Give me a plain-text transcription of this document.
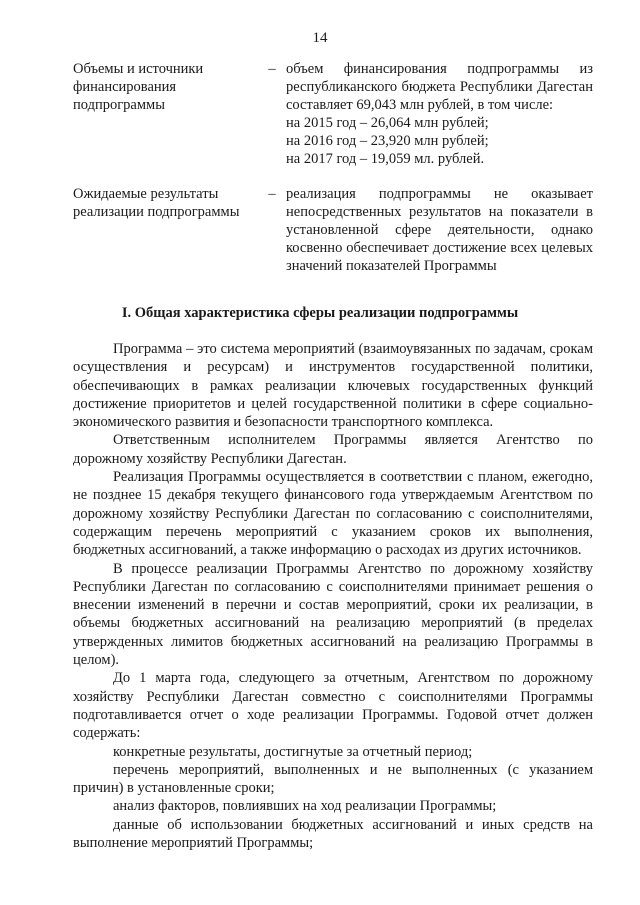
14
Объемы и источники финансирования подпрограммы
– объем финансирования подпрограммы из республиканского бюджета Республики Дагестан составляет 69,043 млн рублей, в том числе:
на 2015 год – 26,064 млн рублей;
на 2016 год – 23,920 млн рублей;
на 2017 год – 19,059 мл. рублей.
Ожидаемые результаты реализации подпрограммы
– реализация подпрограммы не оказывает непосредственных результатов на показатели в установленной сфере деятельности, однако косвенно обеспечивает достижение всех целевых значений показателей Программы
I. Общая характеристика сферы реализации подпрограммы

Программа – это система мероприятий (взаимоувязанных по задачам, срокам осуществления и ресурсам) и инструментов государственной политики, обеспечивающих в рамках реализации ключевых государственных функций достижение приоритетов и целей государственной политики в сфере социально-экономического развития и безопасности транспортного комплекса.

Ответственным исполнителем Программы является Агентство по дорожному хозяйству Республики Дагестан.

Реализация Программы осуществляется в соответствии с планом, ежегодно, не позднее 15 декабря текущего финансового года утверждаемым Агентством по дорожному хозяйству Республики Дагестан по согласованию с соисполнителями, содержащим перечень мероприятий с указанием сроков их выполнения, бюджетных ассигнований, а также информацию о расходах из других источников.

В процессе реализации Программы Агентство по дорожному хозяйству Республики Дагестан по согласованию с соисполнителями принимает решения о внесении изменений в перечни и состав мероприятий, сроки их реализации, в объемы бюджетных ассигнований на реализацию мероприятий (в пределах утвержденных лимитов бюджетных ассигнований на реализацию Программы в целом).

До 1 марта года, следующего за отчетным, Агентством по дорожному хозяйству Республики Дагестан совместно с соисполнителями Программы подготавливается отчет о ходе реализации Программы. Годовой отчет должен содержать:

конкретные результаты, достигнутые за отчетный период;

перечень мероприятий, выполненных и не выполненных (с указанием причин) в установленные сроки;

анализ факторов, повлиявших на ход реализации Программы;

данные об использовании бюджетных ассигнований и иных средств на выполнение мероприятий Программы;
